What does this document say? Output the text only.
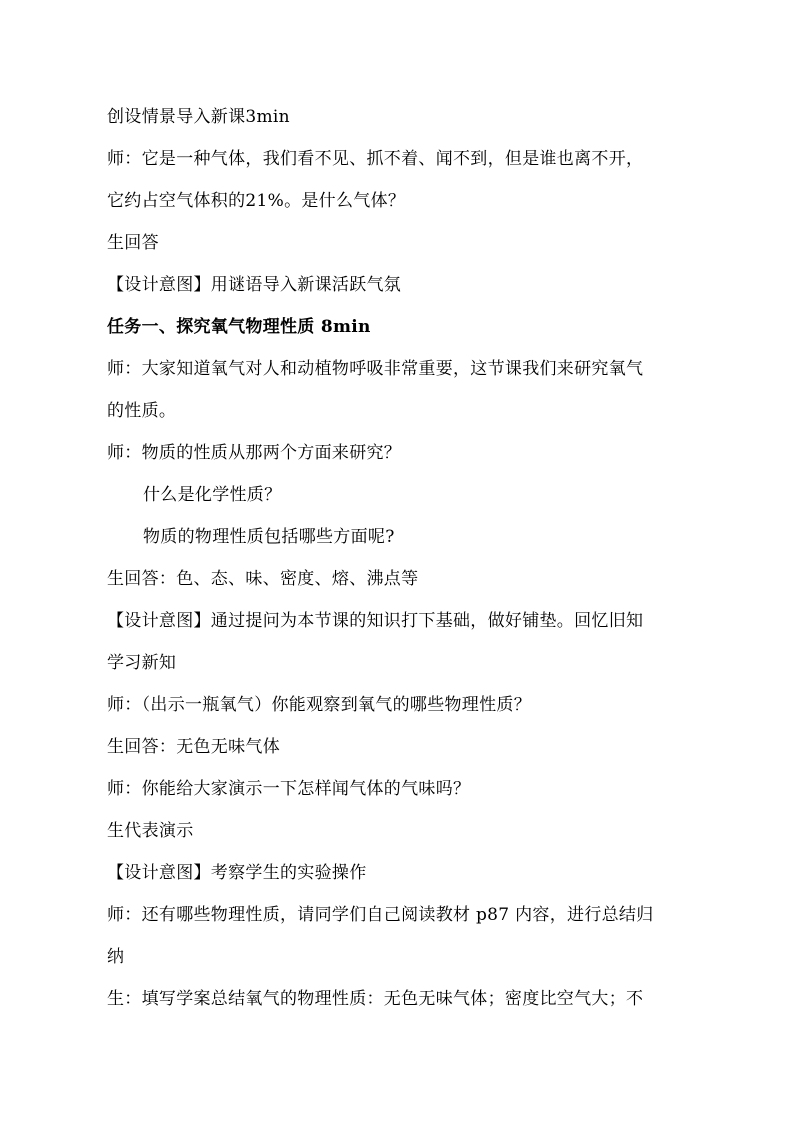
创设情景导入新课3min
师：它是一种气体，我们看不见、抓不着、闻不到，但是谁也离不开，
它约占空气体积的21%。是什么气体？
生回答
【设计意图】用谜语导入新课活跃气氛
任务一、探究氧气物理性质 8min
师：大家知道氧气对人和动植物呼吸非常重要，这节课我们来研究氧气
的性质。
师：物质的性质从那两个方面来研究？
什么是化学性质？
物质的物理性质包括哪些方面呢?
生回答：色、态、味、密度、熔、沸点等
【设计意图】通过提问为本节课的知识打下基础，做好铺垫。回忆旧知
学习新知
师：（出示一瓶氧气）你能观察到氧气的哪些物理性质？
生回答：无色无味气体
师：你能给大家演示一下怎样闻气体的气味吗？
生代表演示
【设计意图】考察学生的实验操作
师：还有哪些物理性质，请同学们自己阅读教材 p87 内容，进行总结归
纳
生：填写学案总结氧气的物理性质：无色无味气体；密度比空气大；不
